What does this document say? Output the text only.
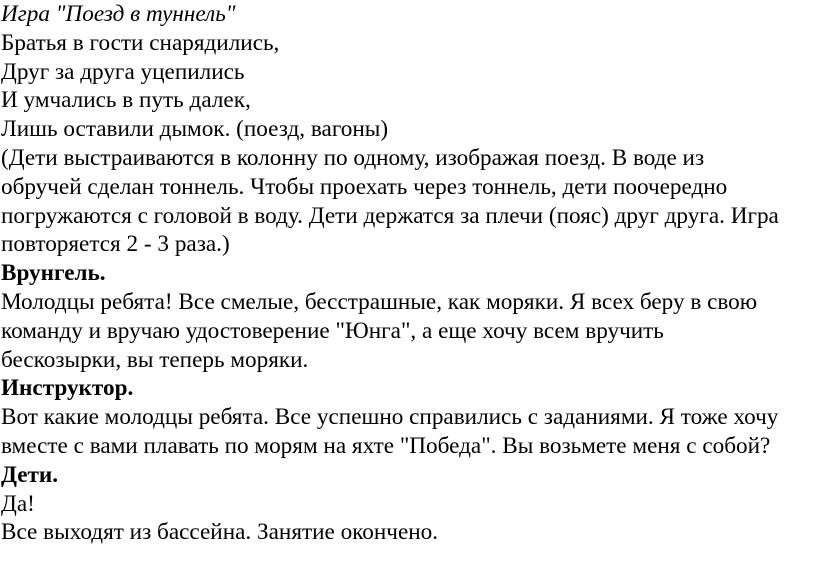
Игра "Поезд в туннель"
Братья в гости снарядились,
Друг за друга уцепились
И умчались в путь далек,
Лишь оставили дымок. (поезд, вагоны)
(Дети выстраиваются в колонну по одному, изображая поезд. В воде из
обручей сделан тоннель. Чтобы проехать через тоннель, дети поочередно
погружаются с головой в воду. Дети держатся за плечи (пояс) друг друга. Игра
повторяется 2 - 3 раза.)
Врунгель.
Молодцы ребята! Все смелые, бесстрашные, как моряки. Я всех беру в свою
команду и вручаю удостоверение "Юнга", а еще хочу всем вручить
бескозырки, вы теперь моряки.
Инструктор.
Вот какие молодцы ребята. Все успешно справились с заданиями. Я тоже хочу
вместе с вами плавать по морям на яхте "Победа". Вы возьмете меня с собой?
Дети.
Да!
Все выходят из бассейна. Занятие окончено.
